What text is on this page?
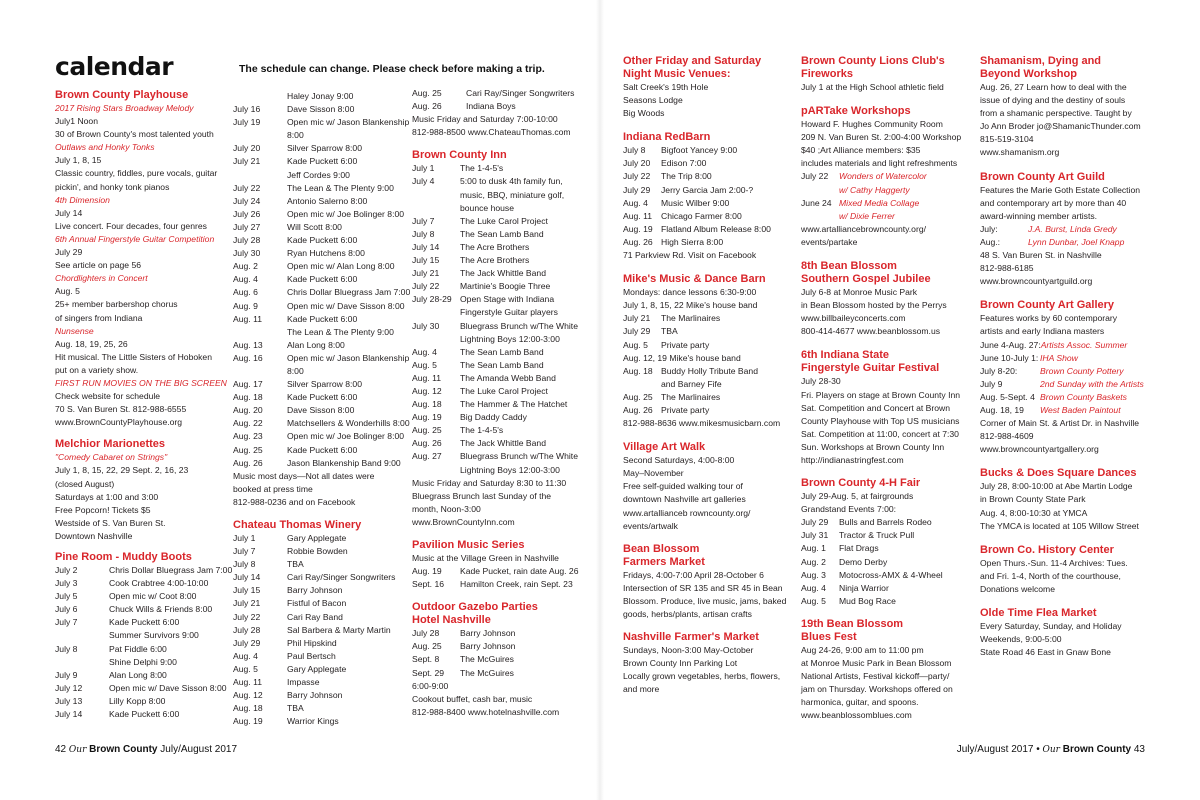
calendar	The schedule can change. Please check before making a trip.
Brown County Playhouse
2017 Rising Stars Broadway Melody
July1 Noon
30 of Brown County's most talented youth
Outlaws and Honky Tonks
July 1, 8, 15
Classic country, fiddles, pure vocals, guitar
pickin', and honky tonk pianos
4th Dimension
July 14
Live concert. Four decades, four genres
6th Annual Fingerstyle Guitar Competition
July 29
See article on page 56
Chordlighters in Concert
Aug. 5
25+ member barbershop chorus
of singers from Indiana
Nunsense
Aug. 18, 19, 25, 26
Hit musical. The Little Sisters of Hoboken
put on a variety show.
FIRST RUN MOVIES ON THE BIG SCREEN
Check website for schedule
70 S. Van Buren St. 812-988-6555
www.BrownCountyPlayhouse.org
Melchior Marionettes
"Comedy Cabaret on Strings"
July 1, 8, 15, 22, 29 Sept. 2, 16, 23
(closed August)
Saturdays at 1:00 and 3:00
Free Popcorn! Tickets $5
Westside of S. Van Buren St.
Downtown Nashville
Pine Room - Muddy Boots
July 2	Chris Dollar Bluegrass Jam 7:00
July 3	Cook Crabtree 4:00-10:00
July 5	Open mic w/ Coot 8:00
July 6	Chuck Wills & Friends 8:00
July 7	Kade Puckett 6:00
Summer Survivors 9:00
July 8	Pat Fiddle 6:00
Shine Delphi 9:00
July 9	Alan Long 8:00
July 12	Open mic w/ Dave Sisson 8:00
July 13	Lilly Kopp 8:00
July 14	Kade Puckett 6:00
Haley Jonay 9:00
July 16	Dave Sisson 8:00
July 19	Open mic w/ Jason Blankenship
8:00
July 20	Silver Sparrow 8:00
July 21	Kade Puckett 6:00
Jeff Cordes 9:00
July 22	The Lean & The Plenty 9:00
July 24	Antonio Salerno 8:00
July 26	Open mic w/ Joe Bolinger 8:00
July 27	Will Scott 8:00
July 28	Kade Puckett 6:00
July 30	Ryan Hutchens 8:00
Aug. 2	Open mic w/ Alan Long 8:00
Aug. 4	Kade Puckett 6:00
Aug. 6	Chris Dollar Bluegrass Jam 7:00
Aug. 9	Open mic w/ Dave Sisson 8:00
Aug. 11	Kade Puckett 6:00
The Lean & The Plenty 9:00
Aug. 13	Alan Long 8:00
Aug. 16	Open mic w/ Jason Blankenship
8:00
Aug. 17	Silver Sparrow 8:00
Aug. 18	Kade Puckett 6:00
Aug. 20	Dave Sisson 8:00
Aug. 22	Matchsellers & Wonderhills 8:00
Aug. 23	Open mic w/ Joe Bolinger 8:00
Aug. 25	Kade Puckett 6:00
Aug. 26	Jason Blankenship Band 9:00
Music most days—Not all dates were
booked at press time
812-988-0236 and on Facebook
Chateau Thomas Winery
July 1	Gary Applegate
July 7	Robbie Bowden
July 8	TBA
July 14	Cari Ray/Singer Songwriters
July 15	Barry Johnson
July 21	Fistful of Bacon
July 22	Cari Ray Band
July 28	Sal Barbera & Marty Martin
July 29	Phil Hipskind
Aug. 4	Paul Bertsch
Aug. 5	Gary Applegate
Aug. 11	Impasse
Aug. 12	Barry Johnson
Aug. 18	TBA
Aug. 19	Warrior Kings
Aug. 25	Cari Ray/Singer Songwriters
Aug. 26	Indiana Boys
Music Friday and Saturday 7:00-10:00
812-988-8500 www.ChateauThomas.com
Brown County Inn
July 1	The 1-4-5's
July 4	5:00 to dusk 4th family fun,
music, BBQ, miniature golf,
bounce house
July 7	The Luke Carol Project
July 8	The Sean Lamb Band
July 14	The Acre Brothers
July 15	The Acre Brothers
July 21	The Jack Whittle Band
July 22	Martinie's Boogie Three
July 28-29 Open Stage with Indiana
Fingerstyle Guitar players
July 30	Bluegrass Brunch w/The White
Lightning Boys 12:00-3:00
Aug. 4	The Sean Lamb Band
Aug. 5	The Sean Lamb Band
Aug. 11	The Amanda Webb Band
Aug. 12	The Luke Carol Project
Aug. 18	The Hammer & The Hatchet
Aug. 19	Big Daddy Caddy
Aug. 25	The 1-4-5's
Aug. 26	The Jack Whittle Band
Aug. 27	Bluegrass Brunch w/The White
Lightning Boys 12:00-3:00
Music Friday and Saturday 8:30 to 11:30
Bluegrass Brunch last Sunday of the
month, Noon-3:00
www.BrownCountyInn.com
Pavilion Music Series
Music at the Village Green in Nashville
Aug. 19	Kade Pucket, rain date Aug. 26
Sept. 16	Hamilton Creek, rain Sept. 23
Outdoor Gazebo Parties
Hotel Nashville
July 28	Barry Johnson
Aug. 25	Barry Johnson
Sept. 8	The McGuires
Sept. 29	The McGuires
6:00-9:00
Cookout buffet, cash bar, music
812-988-8400 www.hotelnashville.com
Other Friday and Saturday
Night Music Venues:
Salt Creek's 19th Hole
Seasons Lodge
Big Woods
Indiana RedBarn
July 8	Bigfoot Yancey 9:00
July 20	Edison 7:00
July 22	The Trip 8:00
July 29	Jerry Garcia Jam 2:00-?
Aug. 4	Music Wilber 9:00
Aug. 11	Chicago Farmer 8:00
Aug. 19 Flatland Album Release 8:00
Aug. 26 High Sierra 8:00
71 Parkview Rd. Visit on Facebook
Mike's Music & Dance Barn
Mondays: dance lessons 6:30-9:00
July 1, 8, 15, 22 Mike's house band
July 21	The Marlinaires
July 29	TBA
Aug. 5	Private party
Aug. 12, 19 Mike's house band
Aug. 18 Buddy Holly Tribute Band
and Barney Fife
Aug. 25 The Marlinaires
Aug. 26 Private party
812-988-8636 www.mikesmusicbarn.com
Village Art Walk
Second Saturdays, 4:00-8:00
May–November
Free self-guided walking tour of
downtown Nashville art galleries
www.artallianceb rowncounty.org/
events/artwalk
Bean Blossom
Farmers Market
Fridays, 4:00-7:00 April 28-October 6
Intersection of SR 135 and SR 45 in Bean
Blossom. Produce, live music, jams, baked
goods, herbs/plants, artisan crafts
Nashville Farmer's Market
Sundays, Noon-3:00 May-October
Brown County Inn Parking Lot
Locally grown vegetables, herbs, flowers,
and more
Brown County Lions Club's
Fireworks
July 1 at the High School athletic field
pARTake Workshops
Howard F. Hughes Community Room
209 N. Van Buren St. 2:00-4:00 Workshop
$40 ;Art Alliance members: $35
includes materials and light refreshments
July 22	Wonders of Watercolor
w/ Cathy Haggerty
June 24 Mixed Media Collage
w/ Dixie Ferrer
www.artalliancebrowncounty.org/
events/partake
8th Bean Blossom
Southern Gospel Jubilee
July 6-8 at Monroe Music Park
in Bean Blossom hosted by the Perrys
www.billbaileyconcerts.com
800-414-4677 www.beanblossom.us
6th Indiana State
Fingerstyle Guitar Festival
July 28-30
Fri. Players on stage at Brown County Inn
Sat. Competition and Concert at Brown
County Playhouse with Top US musicians
Sat. Competition at 11:00, concert at 7:30
Sun. Workshops at Brown County Inn
http://indianastringfest.com
Brown County 4-H Fair
July 29-Aug. 5, at fairgrounds
Grandstand Events 7:00:
July 29	Bulls and Barrels Rodeo
July 31	Tractor & Truck Pull
Aug. 1	Flat Drags
Aug. 2	Demo Derby
Aug. 3	Motocross-AMX & 4-Wheel
Aug. 4	Ninja Warrior
Aug. 5	Mud Bog Race
19th Bean Blossom
Blues Fest
Aug 24-26, 9:00 am to 11:00 pm
at Monroe Music Park in Bean Blossom
National Artists, Festival kickoff—party/
jam on Thursday. Workshops offered on
harmonica, guitar, and spoons.
www.beanblossomblues.com
Shamanism, Dying and
Beyond Workshop
Aug. 26, 27 Learn how to deal with the
issue of dying and the destiny of souls
from a shamanic perspective. Taught by
Jo Ann Broder jo@ShamanicThunder.com
815-519-3104
www.shamanism.org
Brown County Art Guild
Features the Marie Goth Estate Collection
and contemporary art by more than 40
award-winning member artists.
July:	J.A. Burst, Linda Gredy
Aug.:	Lynn Dunbar, Joel Knapp
48 S. Van Buren St. in Nashville
812-988-6185
www.browncountyartguild.org
Brown County Art Gallery
Features works by 60 contemporary
artists and early Indiana masters
June 4-Aug. 27: Artists Assoc. Summer
June 10-July 1: IHA Show
July 8-20:	Brown County Pottery
July 9	2nd Sunday with the Artists
Aug. 5-Sept. 4 Brown County Baskets
Aug. 18, 19	West Baden Paintout
Corner of Main St. & Artist Dr. in Nashville
812-988-4609
www.browncountyartgallery.org
Bucks & Does Square Dances
July 28, 8:00-10:00 at Abe Martin Lodge
in Brown County State Park
Aug. 4, 8:00-10:30 at YMCA
The YMCA is located at 105 Willow Street
Brown Co. History Center
Open Thurs.-Sun. 11-4 Archives: Tues.
and Fri. 1-4, North of the courthouse,
Donations welcome
Olde Time Flea Market
Every Saturday, Sunday, and Holiday
Weekends, 9:00-5:00
State Road 46 East in Gnaw Bone
42 Our Brown County July/August 2017	July/August 2017 • Our Brown County 43
